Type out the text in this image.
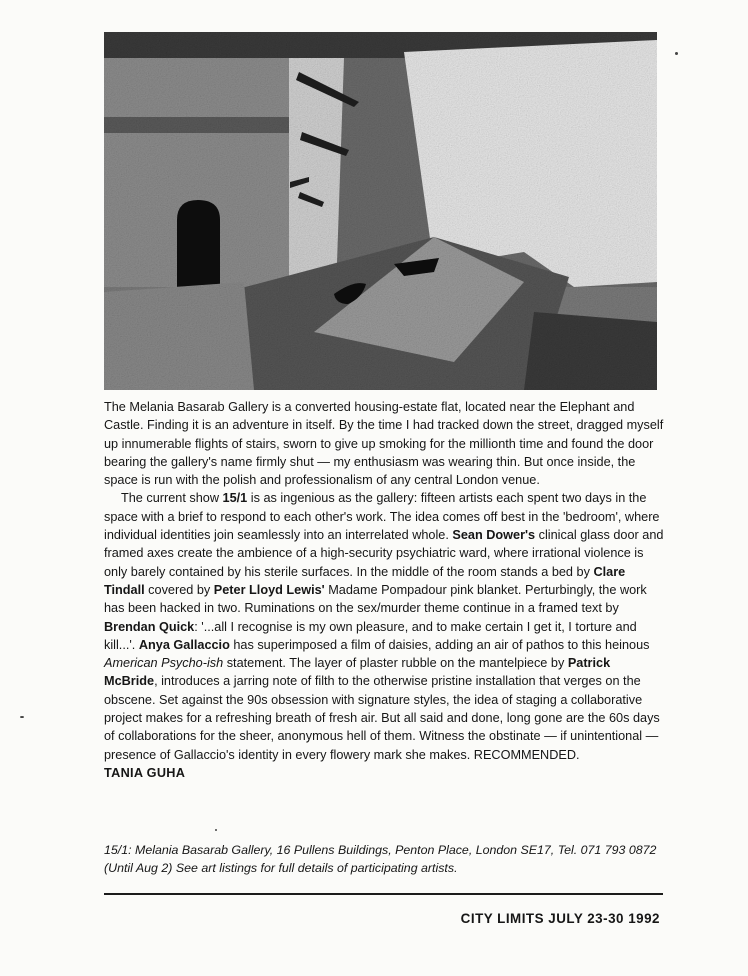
The Melania Basarab Gallery is a converted housing-estate flat, located near the Elephant and Castle. Finding it is an adventure in itself. By the time I had tracked down the street, dragged myself up innumerable flights of stairs, sworn to give up smoking for the millionth time and found the door bearing the gallery's name firmly shut — my enthusiasm was wearing thin. But once inside, the space is run with the polish and professionalism of any central London venue.

The current show 15/1 is as ingenious as the gallery: fifteen artists each spent two days in the space with a brief to respond to each other's work. The idea comes off best in the 'bedroom', where individual identities join seamlessly into an interrelated whole. Sean Dower's clinical glass door and framed axes create the ambience of a high-security psychiatric ward, where irrational violence is only barely contained by his sterile surfaces. In the middle of the room stands a bed by Clare Tindall covered by Peter Lloyd Lewis' Madame Pompadour pink blanket. Perturbingly, the work has been hacked in two. Ruminations on the sex/murder theme continue in a framed text by Brendan Quick: '...all I recognise is my own pleasure, and to make certain I get it, I torture and kill...'. Anya Gallaccio has superimposed a film of daisies, adding an air of pathos to this heinous American Psycho-ish statement. The layer of plaster rubble on the mantelpiece by Patrick McBride, introduces a jarring note of filth to the otherwise pristine installation that verges on the obscene. Set against the 90s obsession with signature styles, the idea of staging a collaborative project makes for a refreshing breath of fresh air. But all said and done, long gone are the 60s days of collaborations for the sheer, anonymous hell of them. Witness the obstinate — if unintentional — presence of Gallaccio's identity in every flowery mark she makes. RECOMMENDED.

TANIA GUHA

15/1: Melania Basarab Gallery, 16 Pullens Buildings, Penton Place, London SE17, Tel. 071 793 0872 (Until Aug 2) See art listings for full details of participating artists.
CITY LIMITS JULY 23-30 1992
